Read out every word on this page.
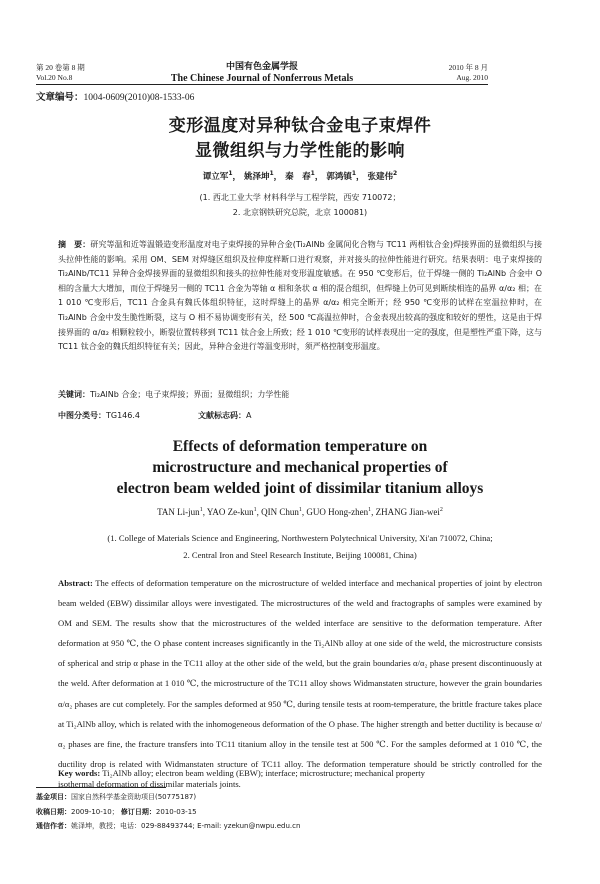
第 20 卷第 8 期
Vol.20 No.8
中国有色金属学报
The Chinese Journal of Nonferrous Metals
2010 年 8 月
Aug. 2010
文章编号：1004-0609(2010)08-1533-06
变形温度对异种钛合金电子束焊件
显微组织与力学性能的影响
谭立军$^1$， 姚泽坤$^1$， 秦　春$^1$， 郭鸿镇$^1$， 张建伟$^2$
(1. 西北工业大学 材料科学与工程学院，西安 710072；
2. 北京钢铁研究总院，北京 100081)
摘　要：研究等温和近等温锻造变形温度对电子束焊接的异种合金(Ti₂AlNb 金属间化合物与 TC11 两相钛合金)焊接界面的显微组织与接头拉伸性能的影响。采用 OM、SEM 对焊缝区组织及拉伸度样断口进行观察，并对接头的拉伸性能进行研究。结果表明：电子束焊接的 Ti₂AlNb/TC11 异种合金焊接界面的显微组织和接头的拉伸性能对变形温度敏感。在 950 ℃变形后，位于焊缝一侧的 Ti₂AlNb 合金中 O 相的含量大大增加，而位于焊缝另一侧的 TC11 合金为等轴 α 相和条状 α 相的混合组织，但焊缝上仍可见到断续相连的晶界 α/α₂ 相；在 1 010 ℃变形后，TC11 合金具有魏氏体组织特征，这时焊缝上的晶界 α/α₂ 相完全断开；经 950 ℃变形的试样在室温拉伸时，在 Ti₂AlNb 合金中发生脆性断裂，这与 O 相不易协调变形有关，经 500 ℃高温拉伸时，合金表现出较高的强度和较好的塑性，这是由于焊接界面的 α/α₂ 相颗粒较小，断裂位置转移到 TC11 钛合金上所致；经 1 010 ℃变形的试样表现出一定的强度，但是塑性严重下降，这与 TC11 钛合金的魏氏组织特征有关；因此，异种合金进行等温变形时，须严格控制变形温度。
关键词：Ti₂AlNb 合金；电子束焊接；界面；显微组织；力学性能
中图分类号：TG146.4	文献标志码：A
Effects of deformation temperature on
microstructure and mechanical properties of
electron beam welded joint of dissimilar titanium alloys
TAN Li-jun$^1$, YAO Ze-kun$^1$, QIN Chun$^1$, GUO Hong-zhen$^1$, ZHANG Jian-wei$^2$
(1. College of Materials Science and Engineering, Northwestern Polytechnical University, Xi'an 710072, China;
2. Central Iron and Steel Research Institute, Beijing 100081, China)
Abstract: The effects of deformation temperature on the microstructure of welded interface and mechanical properties of joint by electron beam welded (EBW) dissimilar alloys were investigated. The microstructures of the weld and fractographs of samples were examined by OM and SEM. The results show that the microstructures of the welded interface are sensitive to the deformation temperature. After deformation at 950 ℃, the O phase content increases significantly in the Ti₂AlNb alloy at one side of the weld, the microstructure consists of spherical and strip α phase in the TC11 alloy at the other side of the weld, but the grain boundaries α/α₂ phase present discontinuously at the weld. After deformation at 1 010 ℃, the microstructure of the TC11 alloy shows Widmanstaten structure, however the grain boundaries α/α₂ phases are cut completely. For the samples deformed at 950 ℃, during tensile tests at room-temperature, the brittle fracture takes place at Ti₂AlNb alloy, which is related with the inhomogeneous deformation of the O phase. The higher strength and better ductility is because α/α₂ phases are fine, the fracture transfers into TC11 titanium alloy in the tensile test at 500 ℃. For the samples deformed at 1 010 ℃, the ductility drop is related with Widmanstaten structure of TC11 alloy. The deformation temperature should be strictly controlled for the isothermal deformation of dissimilar materials joints.
Key words: Ti₂AlNb alloy; electron beam welding (EBW); interface; microstructure; mechanical property
基金项目：国家自然科学基金资助项目(50775187)
收稿日期：2009-10-10； 修订日期：2010-03-15
通信作者：姚泽坤，教授；电话：029-88493744; E-mail: yzekun@nwpu.edu.cn
